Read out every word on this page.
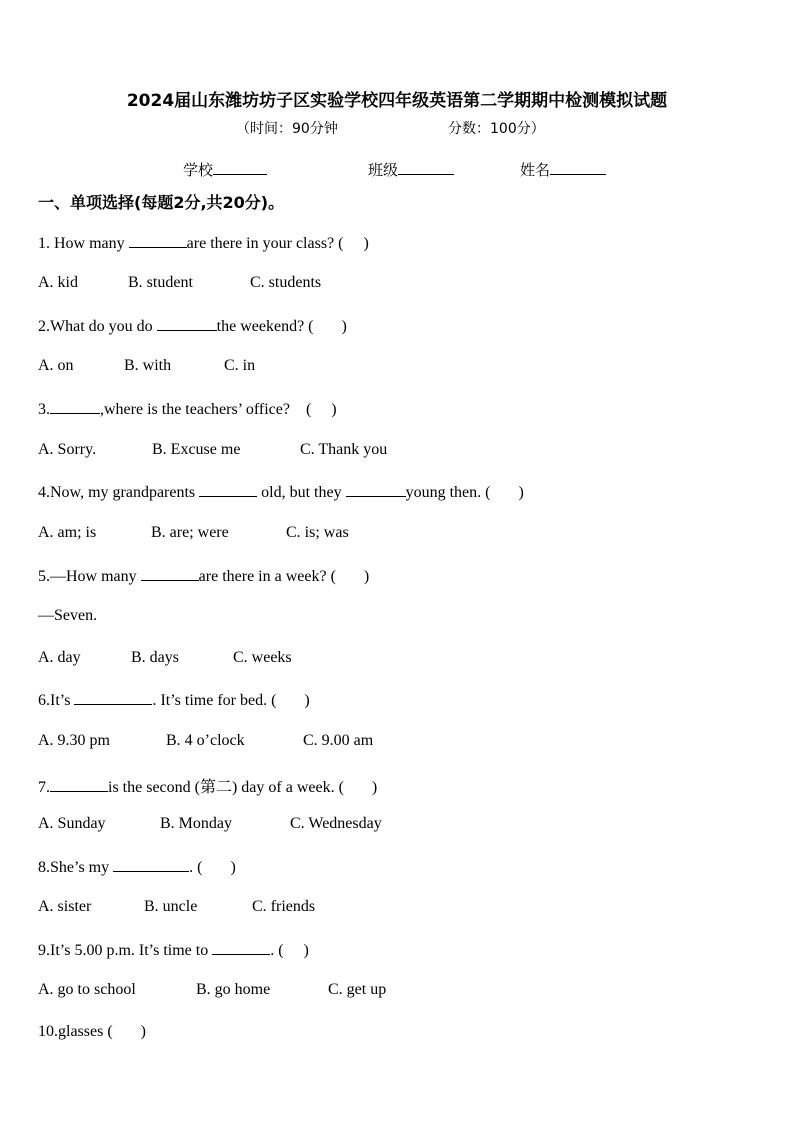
2024届山东潍坊坊子区实验学校四年级英语第二学期期中检测模拟试题
（时间：90分钟	分数：100分）
学校	班级	姓名
一、单项选择(每题2分,共20分)。
1. How many	are there in your class? (     )
A. kid	B. student	C. students
2.What do you do	the weekend? (       )
A. on	B. with	C. in
3.	,where is the teachers’ office?    (     )
A. Sorry.	B. Excuse me	C. Thank you
4.Now, my grandparents	old, but they	young then. (       )
A. am; is	B. are; were	C. is; was
5.—How many	are there in a week? (       )
—Seven.
A. day	B. days	C. weeks
6.It’s	. It’s time for bed. (       )
A. 9.30 pm	B. 4 o’clock	C. 9.00 am
7.	is the second (第二) day of a week. (       )
A. Sunday	B. Monday	C. Wednesday
8.She’s my	. (       )
A. sister	B. uncle	C. friends
9.It’s 5.00 p.m. It’s time to	. (     )
A. go to school	B. go home	C. get up
10.glasses (       )
